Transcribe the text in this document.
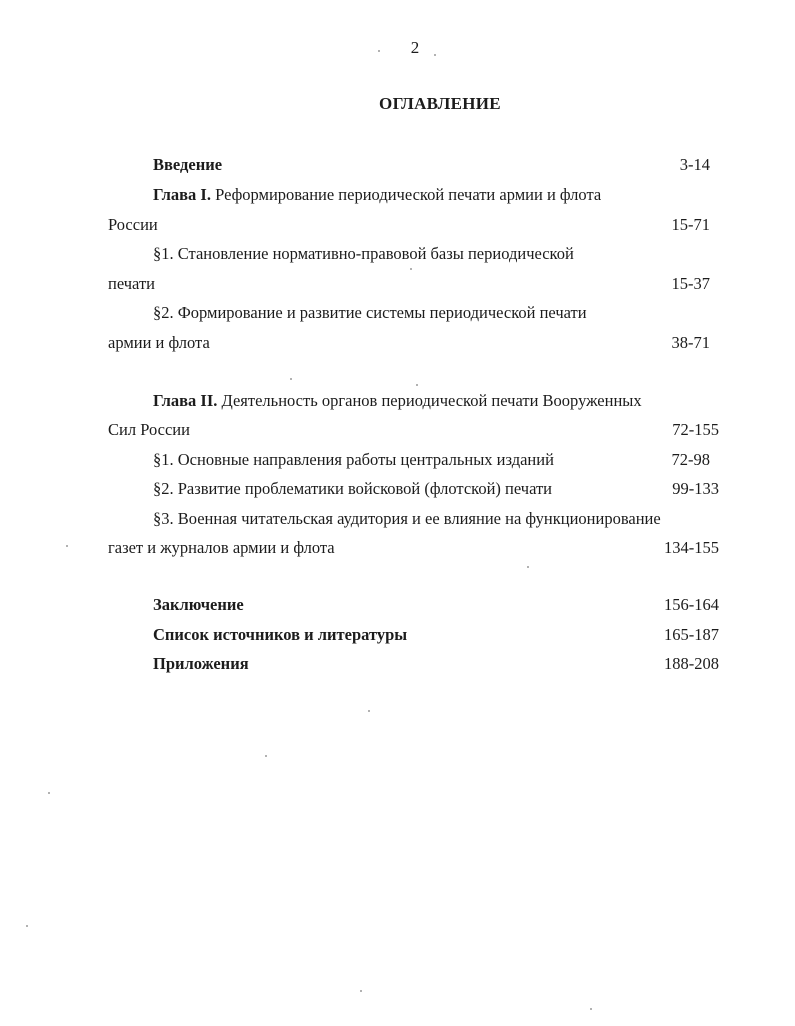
2
ОГЛАВЛЕНИЕ
Введение	3-14
Глава I. Реформирование периодической печати армии и флота
России	15-71
§1. Становление нормативно-правовой базы периодической
печати	15-37
§2. Формирование и развитие системы периодической печати
армии и флота	38-71
Глава II. Деятельность органов периодической печати Вооруженных
Сил России	72-155
§1. Основные направления работы центральных изданий	72-98
§2. Развитие проблематики войсковой (флотской) печати	99-133
§3. Военная читательская аудитория и ее влияние на функционирование
газет и журналов армии и флота	134-155
Заключение	156-164
Список источников и литературы	165-187
Приложения	188-208
